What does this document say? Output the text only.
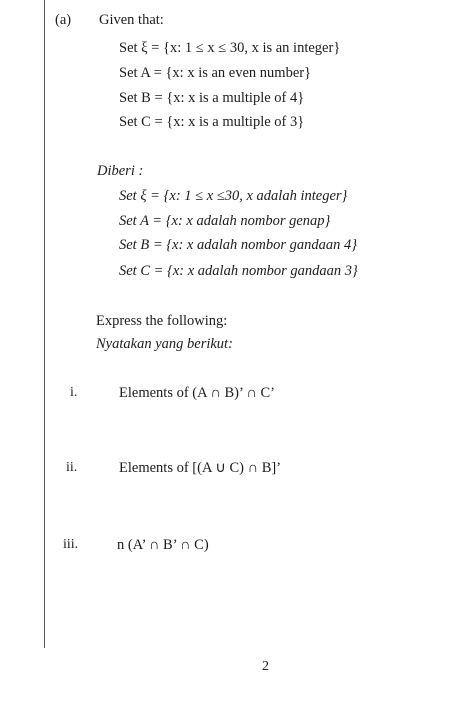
(a) Given that:
Set ξ = {x: 1 ≤ x ≤ 30, x is an integer}
Set A = {x: x is an even number}
Set B = {x: x is a multiple of 4}
Set C = {x: x is a multiple of 3}
Diberi :
Set ξ = {x: 1 ≤ x ≤30, x adalah integer}
Set A = {x: x adalah nombor genap}
Set B = {x: x adalah nombor gandaan 4}
Set C = {x: x adalah nombor gandaan 3}
Express the following:
Nyatakan yang berikut:
i.	Elements of (A ∩ B)’ ∩ C’
ii.	Elements of [(A ∪ C) ∩ B]’
iii.	n (A’ ∩ B’ ∩ C)
2
